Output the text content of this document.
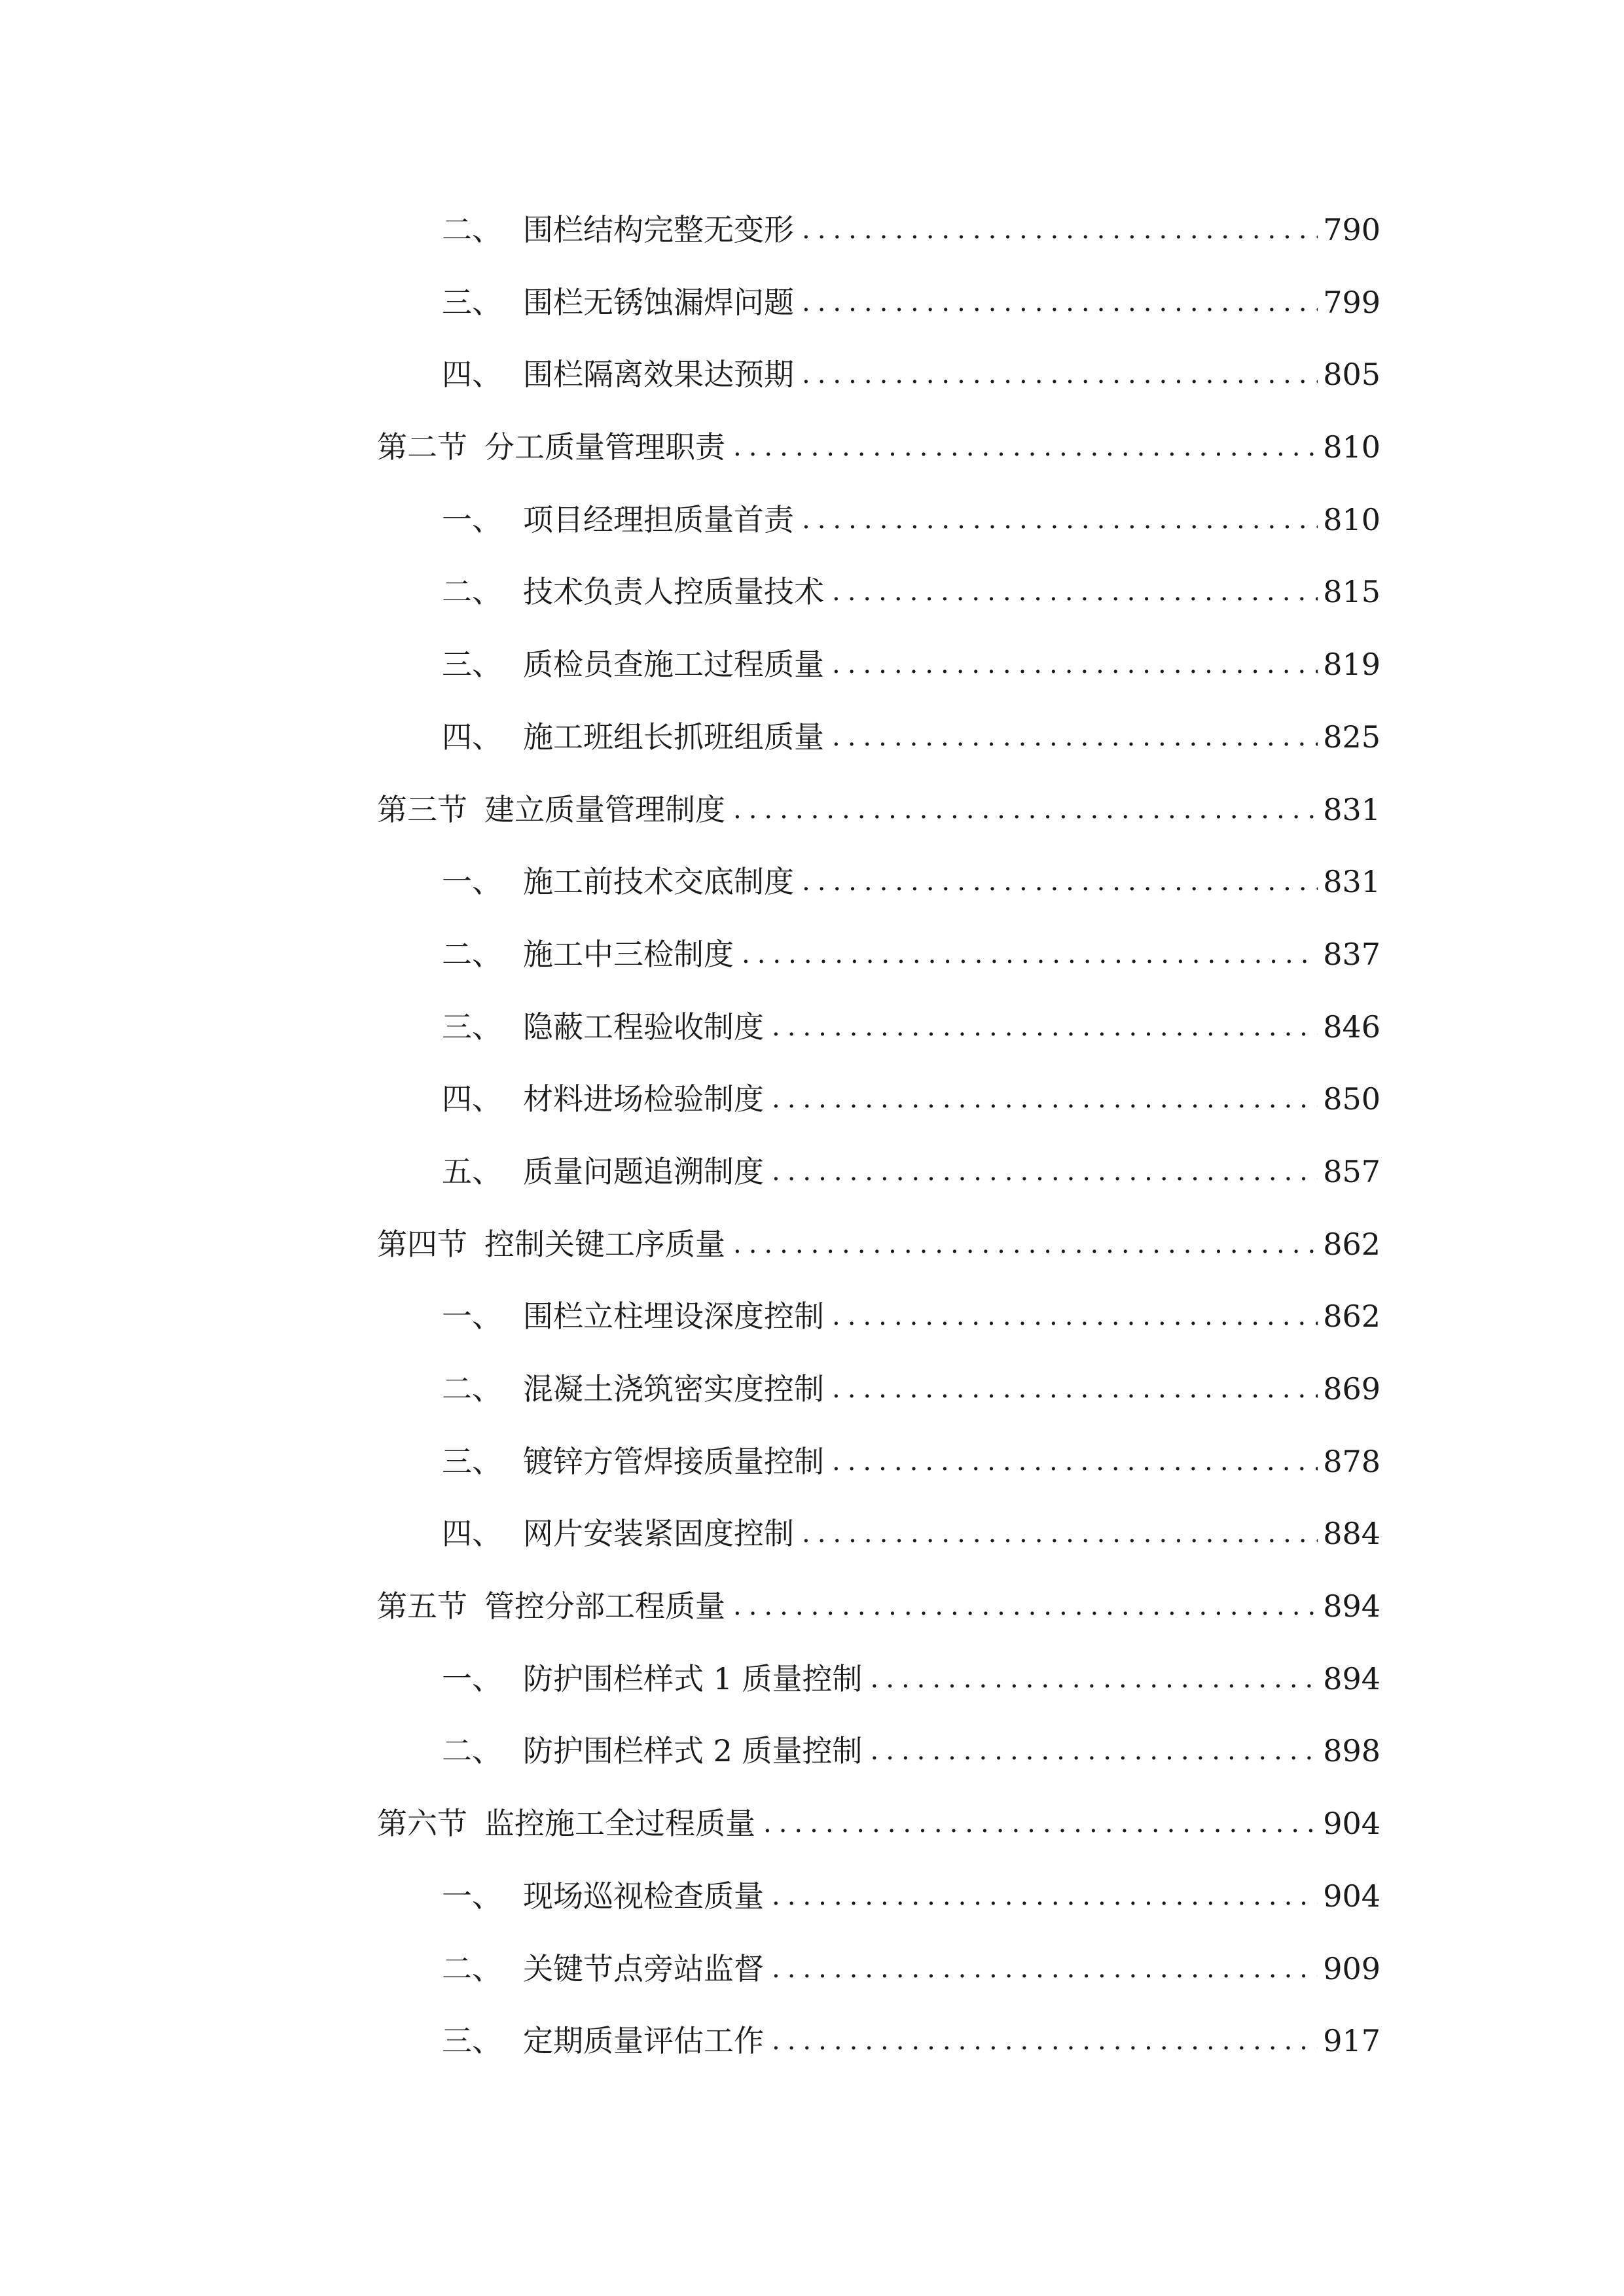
二、 围栏结构完整无变形 .....	790
三、 围栏无锈蚀漏焊问题 .....	799
四、 围栏隔离效果达预期 .....	805
第二节 分工质量管理职责 .....	810
一、 项目经理担质量首责 .....	810
二、 技术负责人控质量技术 .....	815
三、 质检员查施工过程质量 .....	819
四、 施工班组长抓班组质量 .....	825
第三节 建立质量管理制度 .....	831
一、 施工前技术交底制度 .....	831
二、 施工中三检制度 .....	837
三、 隐蔽工程验收制度 .....	846
四、 材料进场检验制度 .....	850
五、 质量问题追溯制度 .....	857
第四节 控制关键工序质量 .....	862
一、 围栏立柱埋设深度控制 .....	862
二、 混凝土浇筑密实度控制 .....	869
三、 镀锌方管焊接质量控制 .....	878
四、 网片安装紧固度控制 .....	884
第五节 管控分部工程质量 .....	894
一、 防护围栏样式 1 质量控制 .....	894
二、 防护围栏样式 2 质量控制 .....	898
第六节 监控施工全过程质量 .....	904
一、 现场巡视检查质量 .....	904
二、 关键节点旁站监督 .....	909
三、 定期质量评估工作 .....	917
